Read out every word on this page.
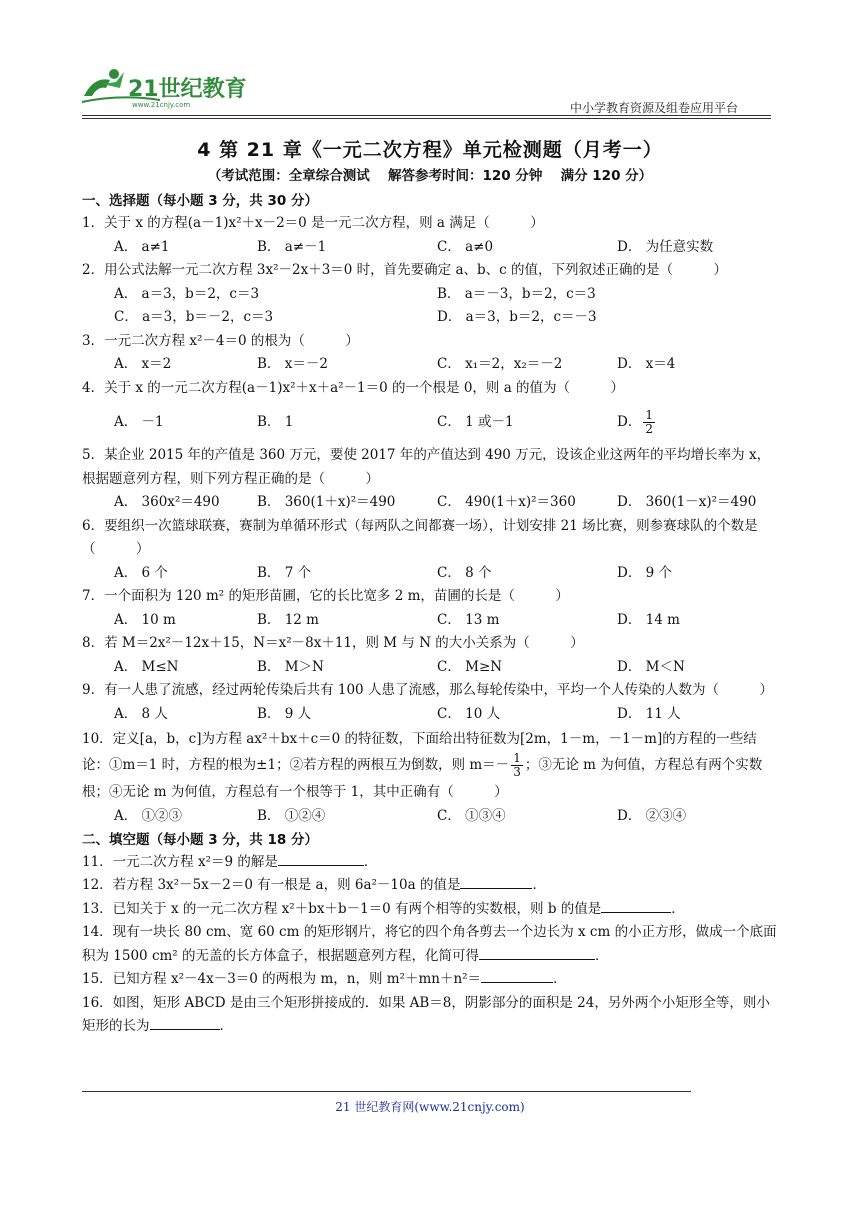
21世纪教育
www.21cnjy.com	中小学教育资源及组卷应用平台
4 第 21 章《一元二次方程》单元检测题（月考一）
（考试范围：全章综合测试　 解答参考时间：120 分钟　 满分 120 分）
一、选择题（每小题 3 分，共 30 分）
1．关于 x 的方程(a－1)x²＋x－2＝0 是一元二次方程，则 a 满足（　　　）
A． a≠1	B． a≠－1	C． a≠0	D． 为任意实数
2．用公式法解一元二次方程 3x²－2x＋3＝0 时，首先要确定 a、b、c 的值，下列叙述正确的是（　　　）
A． a＝3，b＝2，c＝3	B． a＝－3，b＝2，c＝3
C． a＝3，b＝－2，c＝3	D． a＝3，b＝2，c＝－3
3．一元二次方程 x²－4＝0 的根为（　　　）
A． x＝2	B． x＝－2	C． x₁＝2，x₂＝－2	D． x＝4
4．关于 x 的一元二次方程(a－1)x²＋x＋a²－1＝0 的一个根是 0，则 a 的值为（　　　）
A． －1	B． 1	C． 1 或－1	D． $\frac{1}{2}$
5．某企业 2015 年的产值是 360 万元，要使 2017 年的产值达到 490 万元，设该企业这两年的平均增长率为 x，根据题意列方程，则下列方程正确的是（　　　）
A． 360x²＝490	B． 360(1＋x)²＝490	C． 490(1＋x)²＝360	D． 360(1－x)²＝490
6．要组织一次篮球联赛，赛制为单循环形式（每两队之间都赛一场），计划安排 21 场比赛，则参赛球队的个数是（　　　）
A． 6 个	B． 7 个	C． 8 个	D． 9 个
7．一个面积为 120 m² 的矩形苗圃，它的长比宽多 2 m，苗圃的长是（　　　）
A． 10 m	B． 12 m	C． 13 m	D． 14 m
8．若 M＝2x²－12x＋15，N＝x²－8x＋11，则 M 与 N 的大小关系为（　　　）
A． M≤N	B． M＞N	C． M≥N	D． M＜N
9．有一人患了流感，经过两轮传染后共有 100 人患了流感，那么每轮传染中，平均一个人传染的人数为（　　　）
A． 8 人	B． 9 人	C． 10 人	D． 11 人
10．定义[a，b，c]为方程 ax²＋bx＋c＝0 的特征数，下面给出特征数为[2m，1－m，－1－m]的方程的一些结论：①m＝1 时，方程的根为±1；②若方程的两根互为倒数，则 $m=- \frac{1}{3}$ ；③无论 m 为何值，方程总有两个实数根；④无论 m 为何值，方程总有一个根等于 1，其中正确有（　　　）
A． ①②③	B． ①②④	C． ①③④	D． ②③④
二、填空题（每小题 3 分，共 18 分）
11．一元二次方程 x²＝9 的解是	．
12．若方程 3x²－5x－2＝0 有一根是 a，则 6a²－10a 的值是	．
13．已知关于 x 的一元二次方程 x²＋bx＋b－1＝0 有两个相等的实数根，则 b 的值是	．
14．现有一块长 80 cm、宽 60 cm 的矩形钢片，将它的四个角各剪去一个边长为 x cm 的小正方形，做成一个底面积为 1500 cm² 的无盖的长方体盒子，根据题意列方程，化简可得	．
15．已知方程 x²－4x－3＝0 的两根为 m，n，则 m²＋mn＋n²＝	．
16．如图，矩形 ABCD 是由三个矩形拼接成的．如果 AB＝8，阴影部分的面积是 24，另外两个小矩形全等，则小矩形的长为	．
21 世纪教育网(www.21cnjy.com)
